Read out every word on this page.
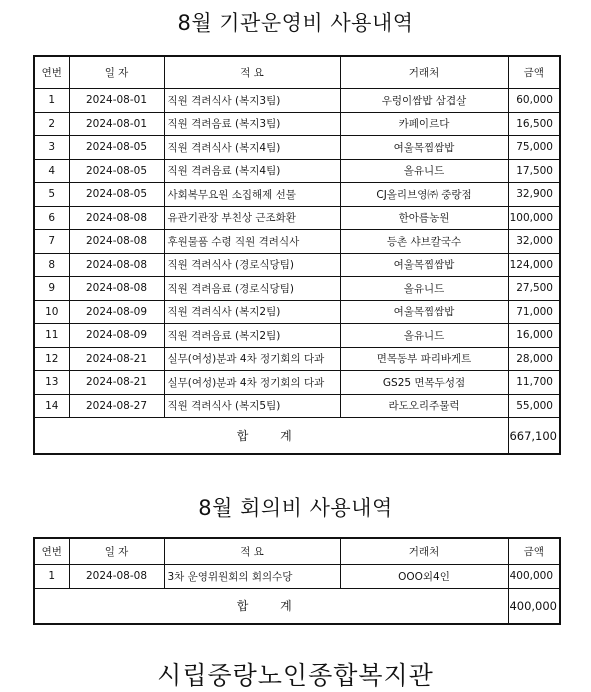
8월 기관운영비 사용내역
연번	일 자	적 요	거래처	금액
1	2024-08-01	직원 격려식사 (복지3팀)	우렁이쌈밥 삼겹살	60,000
2	2024-08-01	직원 격려음료 (복지3팀)	카페이르다	16,500
3	2024-08-05	직원 격려식사 (복지4팀)	여울목찜쌈밥	75,000
4	2024-08-05	직원 격려음료 (복지4팀)	올유니드	17,500
5	2024-08-05	사회복무요원 소집해제 선물	CJ올리브영㈜ 중랑점	32,900
6	2024-08-08	유관기관장 부친상 근조화환	한아름농원	100,000
7	2024-08-08	후원물품 수령 직원 격려식사	등촌 샤브칼국수	32,000
8	2024-08-08	직원 격려식사 (경로식당팀)	여울목찜쌈밥	124,000
9	2024-08-08	직원 격려음료 (경로식당팀)	올유니드	27,500
10	2024-08-09	직원 격려식사 (복지2팀)	여울목찜쌈밥	71,000
11	2024-08-09	직원 격려음료 (복지2팀)	올유니드	16,000
12	2024-08-21	실무(여성)분과 4차 정기회의 다과	면목동부 파리바게트	28,000
13	2024-08-21	실무(여성)분과 4차 정기회의 다과	GS25 면목두성점	11,700
14	2024-08-27	직원 격려식사 (복지5팀)	라도오리주물럭	55,000
합 계				667,100
8월 회의비 사용내역
연번	일 자	적 요	거래처	금액
1	2024-08-08	3차 운영위원회의 회의수당	OOO외4인	400,000
합 계				400,000
시립중랑노인종합복지관
